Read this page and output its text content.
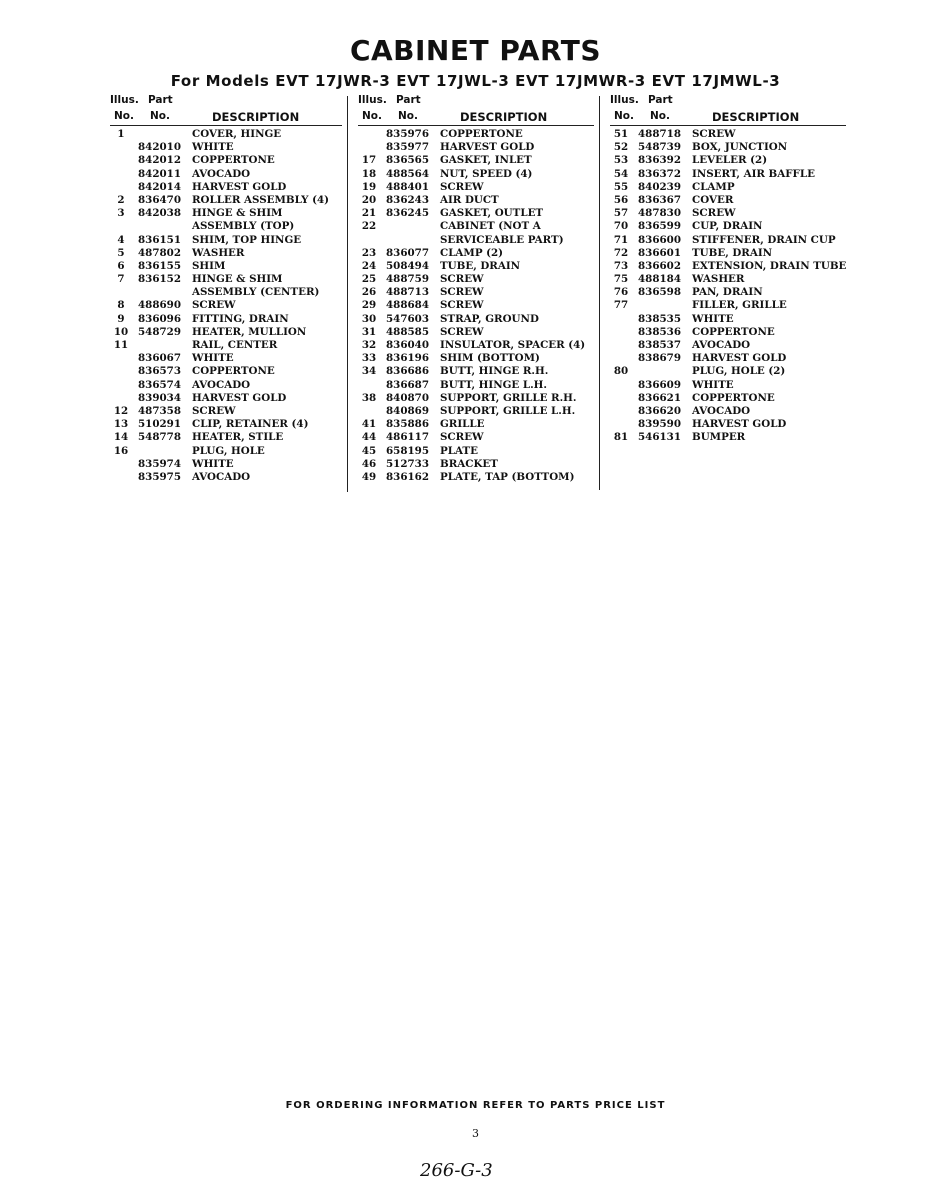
CABINET PARTS
For Models EVT 17JWR-3 EVT 17JWL-3 EVT 17JMWR-3 EVT 17JMWL-3
Illus. Part
No. No.	DESCRIPTION
1	COVER, HINGE
842010	WHITE
842012	COPPERTONE
842011	AVOCADO
842014	HARVEST GOLD
2	836470	ROLLER ASSEMBLY (4)
3	842038	HINGE & SHIM
ASSEMBLY (TOP)
4	836151	SHIM, TOP HINGE
5	487802	WASHER
6	836155	SHIM
7	836152	HINGE & SHIM
ASSEMBLY (CENTER)
8	488690	SCREW
9	836096	FITTING, DRAIN
10 548729	HEATER, MULLION
11	RAIL, CENTER
836067	WHITE
836573	COPPERTONE
836574	AVOCADO
839034	HARVEST GOLD
12 487358	SCREW
13 510291	CLIP, RETAINER (4)
14 548778	HEATER, STILE
16	PLUG, HOLE
835974	WHITE
835975	AVOCADO
Illus. Part
No. No.	DESCRIPTION
835976	COPPERTONE
835977	HARVEST GOLD
17 836565	GASKET, INLET
18 488564	NUT, SPEED (4)
19 488401	SCREW
20 836243	AIR DUCT
21 836245	GASKET, OUTLET
22	CABINET (NOT A
SERVICEABLE PART)
23 836077	CLAMP (2)
24 508494	TUBE, DRAIN
25 488759	SCREW
26 488713	SCREW
29 488684	SCREW
30 547603	STRAP, GROUND
31 488585	SCREW
32 836040	INSULATOR, SPACER (4)
33 836196	SHIM (BOTTOM)
34 836686	BUTT, HINGE R.H.
836687	BUTT, HINGE L.H.
38 840870	SUPPORT, GRILLE R.H.
840869	SUPPORT, GRILLE L.H.
41 835886	GRILLE
44 486117	SCREW
45 658195	PLATE
46 512733	BRACKET
49 836162	PLATE, TAP (BOTTOM)
Illus. Part
No. No.	DESCRIPTION
51 488718	SCREW
52 548739	BOX, JUNCTION
53 836392	LEVELER (2)
54 836372	INSERT, AIR BAFFLE
55 840239	CLAMP
56 836367	COVER
57 487830	SCREW
70 836599	CUP, DRAIN
71 836600	STIFFENER, DRAIN CUP
72 836601	TUBE, DRAIN
73 836602	EXTENSION, DRAIN TUBE
75 488184	WASHER
76 836598	PAN, DRAIN
77	FILLER, GRILLE
838535	WHITE
838536	COPPERTONE
838537	AVOCADO
838679	HARVEST GOLD
80	PLUG, HOLE (2)
836609	WHITE
836621	COPPERTONE
836620	AVOCADO
839590	HARVEST GOLD
81 546131	BUMPER
FOR ORDERING INFORMATION REFER TO PARTS PRICE LIST
3
266-G-3
